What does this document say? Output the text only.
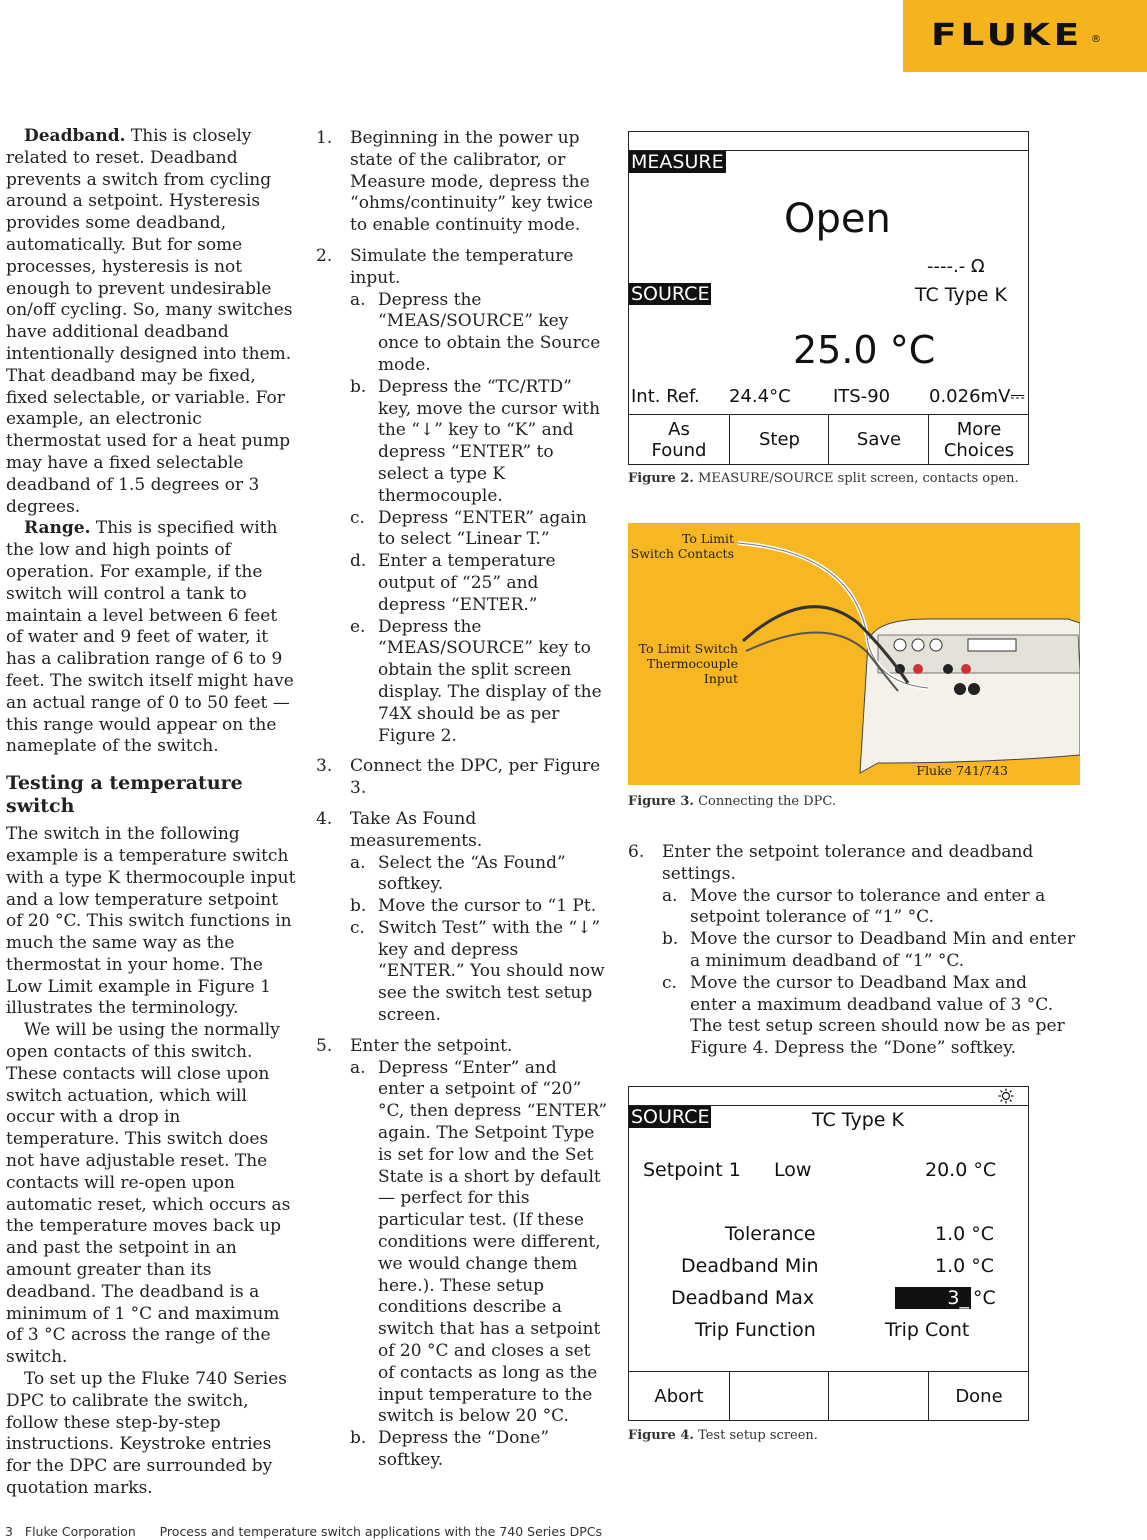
FLUKE ®

Deadband. This is closely related to reset. Deadband prevents a switch from cycling around a setpoint. Hysteresis provides some deadband, automatically. But for some processes, hysteresis is not enough to prevent undesirable on/off cycling. So, many switches have additional deadband intentionally designed into them. That deadband may be fixed, fixed selectable, or variable. For example, an electronic thermostat used for a heat pump may have a fixed selectable deadband of 1.5 degrees or 3 degrees.

Range. This is specified with the low and high points of operation. For example, if the switch will control a tank to maintain a level between 6 feet of water and 9 feet of water, it has a calibration range of 6 to 9 feet. The switch itself might have an actual range of 0 to 50 feet — this range would appear on the nameplate of the switch.

Testing a temperature switch

The switch in the following example is a temperature switch with a type K thermocouple input and a low temperature setpoint of 20 °C. This switch functions in much the same way as the thermostat in your home. The Low Limit example in Figure 1 illustrates the terminology.

We will be using the normally open contacts of this switch. These contacts will close upon switch actuation, which will occur with a drop in temperature. This switch does not have adjustable reset. The contacts will re-open upon automatic reset, which occurs as the temperature moves back up and past the setpoint in an amount greater than its deadband. The deadband is a minimum of 1 °C and maximum of 3 °C across the range of the switch.

To set up the Fluke 740 Series DPC to calibrate the switch, follow these step-by-step instructions. Keystroke entries for the DPC are surrounded by quotation marks.

1.	Beginning in the power up state of the calibrator, or Measure mode, depress the “ohms/continuity” key twice to enable continuity mode.
2.	Simulate the temperature input.
a. Depress the “MEAS/SOURCE” key once to obtain the Source mode.
b. Depress the “TC/RTD” key, move the cursor with the “↓” key to “K” and depress “ENTER” to select a type K thermocouple.
c. Depress “ENTER” again to select “Linear T.”
d. Enter a temperature output of “25” and depress “ENTER.”
e. Depress the “MEAS/SOURCE” key to obtain the split screen display. The display of the 74X should be as per Figure 2.
3.	Connect the DPC, per Figure 3.
4.	Take As Found measurements.
a. Select the “As Found” softkey.
b. Move the cursor to “1 Pt.
c. Switch Test” with the “↓” key and depress “ENTER.” You should now see the switch test setup screen.
5.	Enter the setpoint.
a. Depress “Enter” and enter a setpoint of “20” °C, then depress “ENTER” again. The Setpoint Type is set for low and the Set State is a short by default — perfect for this particular test. (If these conditions were different, we would change them here.). These setup conditions describe a switch that has a setpoint of 20 °C and closes a set of contacts as long as the input temperature to the switch is below 20 °C.
b. Depress the “Done” softkey.
MEASURE
Open
----.- Ω
SOURCE	TC Type K
25.0 °C
Int. Ref. 24.4°C ITS-90 0.026mV⎓
As
Found	Step	Save	More
Choices
Figure 2. MEASURE/SOURCE split screen, contacts open.
To Limit
Switch Contacts
To Limit Switch
Thermocouple
Input
Fluke 741/743
Figure 3. Connecting the DPC.
6.	Enter the setpoint tolerance and deadband settings.
a. Move the cursor to tolerance and enter a setpoint tolerance of “1” °C.
b. Move the cursor to Deadband Min and enter a minimum deadband of “1” °C.
c. Move the cursor to Deadband Max and enter a maximum deadband value of 3 °C. The test setup screen should now be as per Figure 4. Depress the “Done” softkey.
SOURCE	TC Type K
Setpoint 1 Low	20.0 °C
Tolerance	1.0 °C
Deadband Min	1.0 °C
Deadband Max	3_ °C
Trip Function	Trip Cont
Abort	Done
Figure 4. Test setup screen.
3 Fluke Corporation Process and temperature switch applications with the 740 Series DPCs
